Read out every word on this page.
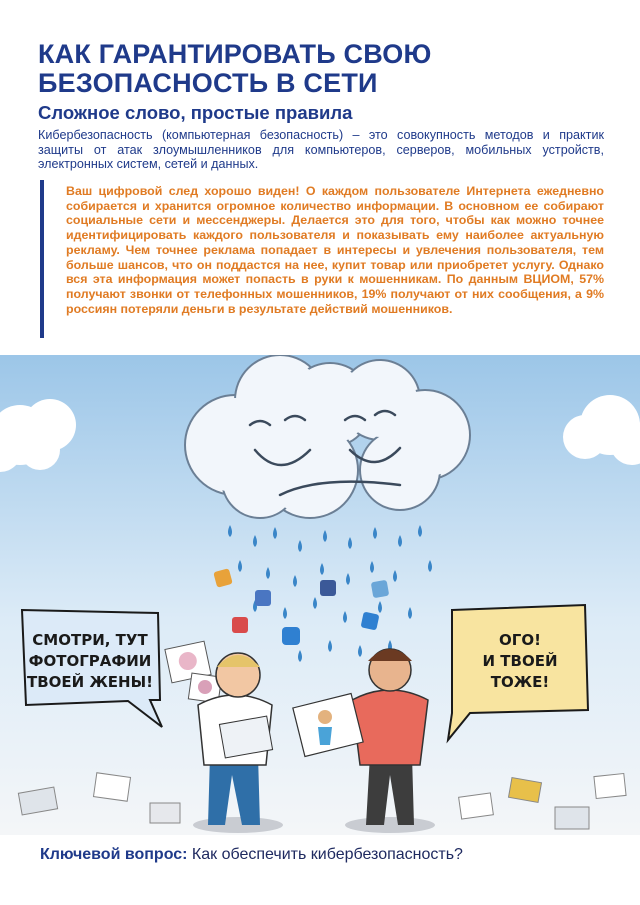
КАК ГАРАНТИРОВАТЬ СВОЮ
БЕЗОПАСНОСТЬ В СЕТИ
Сложное слово, простые правила

Кибербезопасность (компьютерная безопасность) – это совокупность методов и практик защиты от атак злоумышленников для компьютеров, серверов, мобильных устройств, электронных систем, сетей и данных.

Ваш цифровой след хорошо виден! О каждом пользователе Интернета ежедневно собирается и хранится огромное количество информации. В основном ее собирают социальные сети и мессенджеры. Делается это для того, чтобы как можно точнее идентифицировать каждого пользователя и показывать ему наиболее актуальную рекламу. Чем точнее реклама попадает в интересы и увлечения пользователя, тем больше шансов, что он поддастся на нее, купит товар или приобретет услугу. Однако вся эта информация может попасть в руки к мошенникам. По данным ВЦИОМ, 57% получают звонки от телефонных мошенников, 19% получают от них сообщения, а 9% россиян потеряли деньги в результате действий мошенников.

СМОТРИ, ТУТ
ФОТОГРАФИИ
ТВОЕЙ ЖЕНЫ!
ОГО!
И ТВОЕЙ
ТОЖЕ!

Ключевой вопрос: Как обеспечить кибербезопасность?
